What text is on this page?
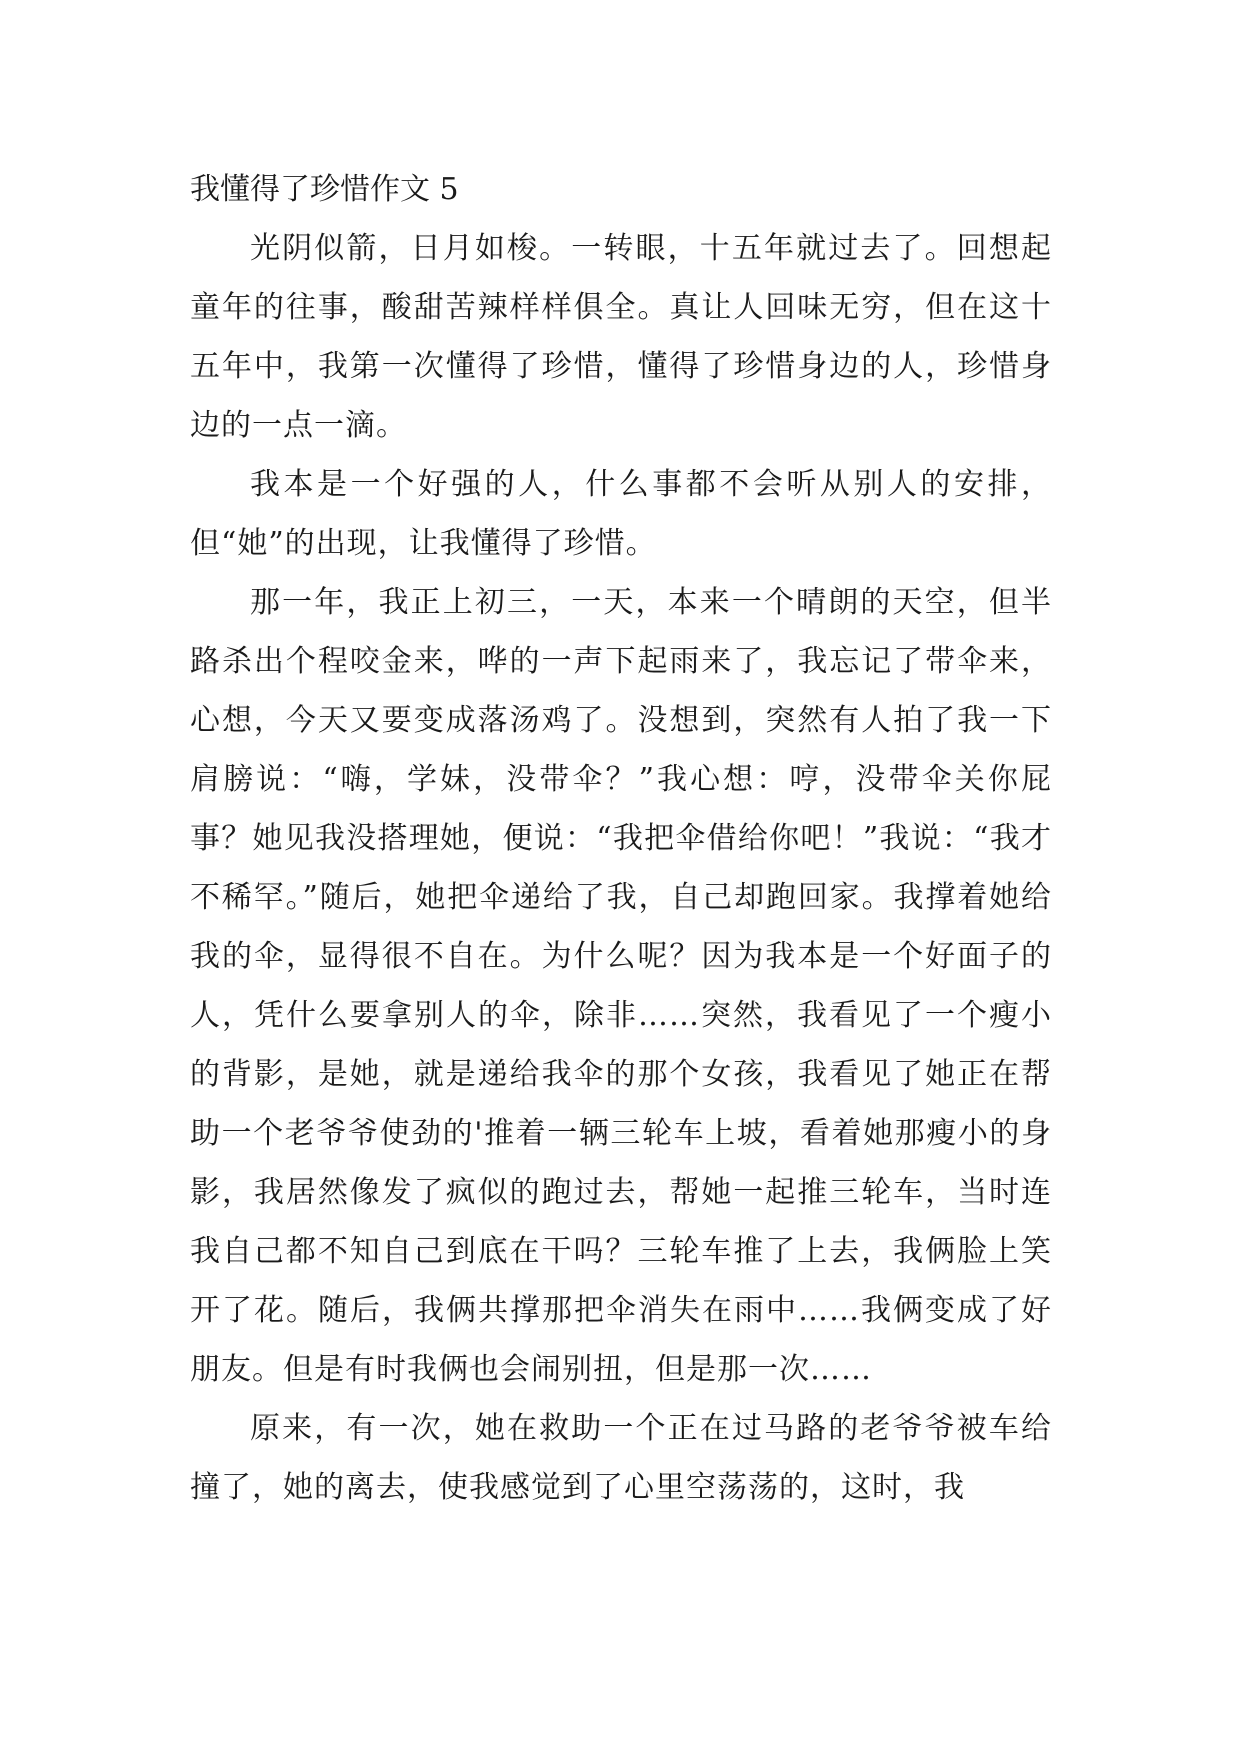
我懂得了珍惜作文 5

光阴似箭，日月如梭。一转眼，十五年就过去了。回想起童年的往事，酸甜苦辣样样俱全。真让人回味无穷，但在这十五年中，我第一次懂得了珍惜，懂得了珍惜身边的人，珍惜身边的一点一滴。

我本是一个好强的人，什么事都不会听从别人的安排，但“她”的出现，让我懂得了珍惜。

那一年，我正上初三，一天，本来一个晴朗的天空，但半路杀出个程咬金来，哗的一声下起雨来了，我忘记了带伞来，心想，今天又要变成落汤鸡了。没想到，突然有人拍了我一下肩膀说：“嗨，学妹，没带伞？”我心想：哼，没带伞关你屁事？她见我没搭理她，便说：“我把伞借给你吧！”我说：“我才不稀罕。”随后，她把伞递给了我，自己却跑回家。我撑着她给我的伞，显得很不自在。为什么呢？因为我本是一个好面子的人，凭什么要拿别人的伞，除非……突然，我看见了一个瘦小的背影，是她，就是递给我伞的那个女孩，我看见了她正在帮助一个老爷爷使劲的'推着一辆三轮车上坡，看着她那瘦小的身影，我居然像发了疯似的跑过去，帮她一起推三轮车，当时连我自己都不知自己到底在干吗？三轮车推了上去，我俩脸上笑开了花。随后，我俩共撑那把伞消失在雨中……我俩变成了好朋友。但是有时我俩也会闹别扭，但是那一次……

原来，有一次，她在救助一个正在过马路的老爷爷被车给撞了，她的离去，使我感觉到了心里空荡荡的，这时，我
